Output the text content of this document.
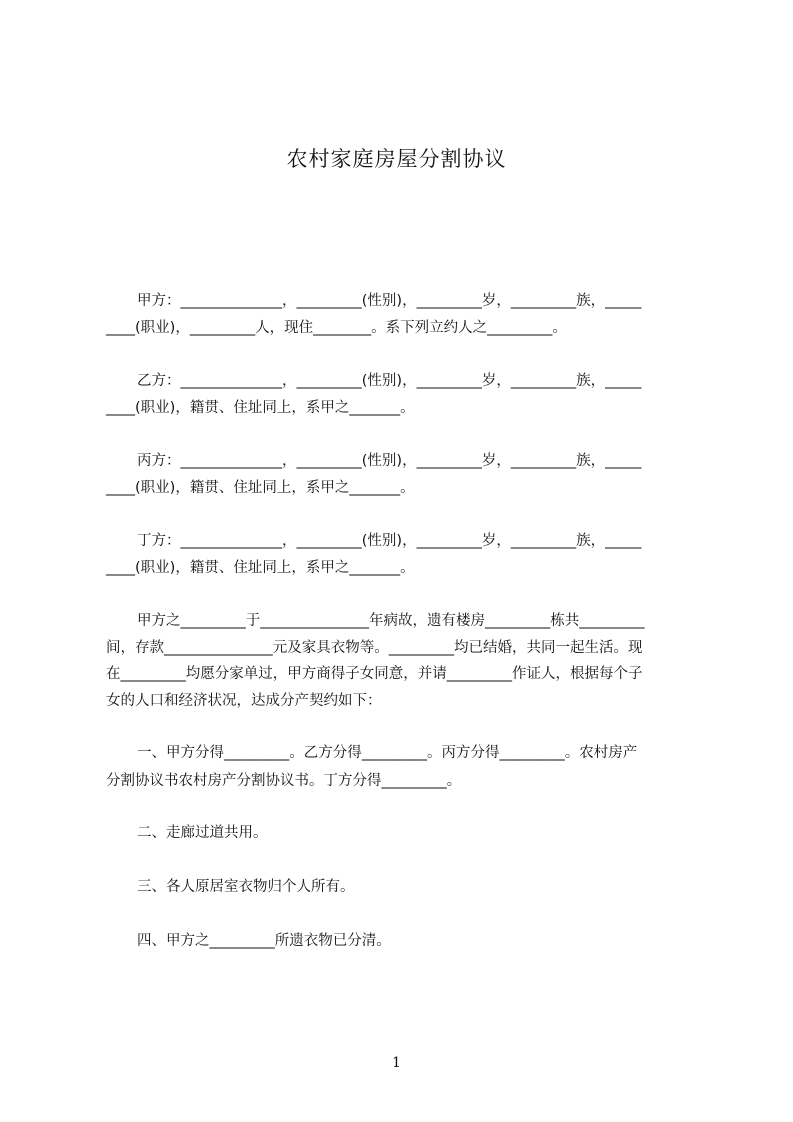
农村家庭房屋分割协议
甲方：______________，_________(性别)，_________岁，_________族，_____
____(职业)，_________人，现住________。系下列立约人之_________。
乙方：______________，_________(性别)，_________岁，_________族，_____
____(职业)，籍贯、住址同上，系甲之_______。
丙方：______________，_________(性别)，_________岁，_________族，_____
____(职业)，籍贯、住址同上，系甲之_______。
丁方：______________，_________(性别)，_________岁，_________族，_____
____(职业)，籍贯、住址同上，系甲之_______。
甲方之_________于_______________年病故，遗有楼房_________栋共_________
间，存款_______________元及家具衣物等。_________均已结婚，共同一起生活。现
在_________均愿分家单过，甲方商得子女同意，并请_________作证人，根据每个子
女的人口和经济状况，达成分产契约如下：
一、甲方分得_________。乙方分得_________。丙方分得_________。农村房产
分割协议书农村房产分割协议书。丁方分得_________。
二、走廊过道共用。
三、各人原居室衣物归个人所有。
四、甲方之_________所遗衣物已分清。
1
